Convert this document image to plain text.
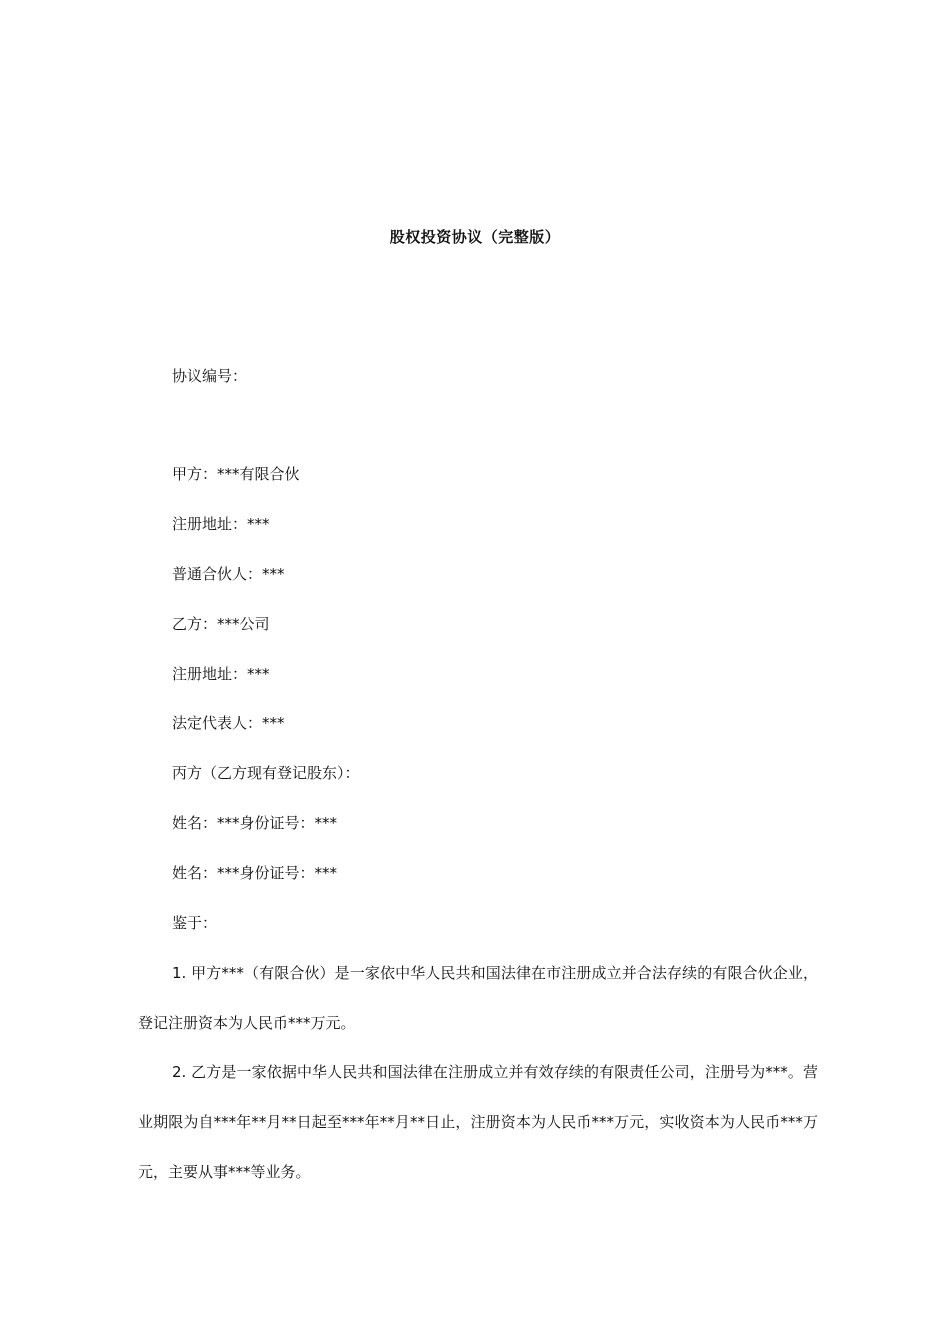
股权投资协议（完整版）
协议编号：
甲方：***有限合伙
注册地址：***
普通合伙人：***
乙方：***公司
注册地址：***
法定代表人：***
丙方（乙方现有登记股东）：
姓名：***身份证号：***
姓名：***身份证号：***
鉴于：
1. 甲方***（有限合伙）是一家依中华人民共和国法律在市注册成立并合法存续的有限合伙企业，登记注册资本为人民币***万元。
2. 乙方是一家依据中华人民共和国法律在注册成立并有效存续的有限责任公司，注册号为***。营业期限为自***年**月**日起至***年**月**日止，注册资本为人民币***万元，实收资本为人民币***万元，主要从事***等业务。
